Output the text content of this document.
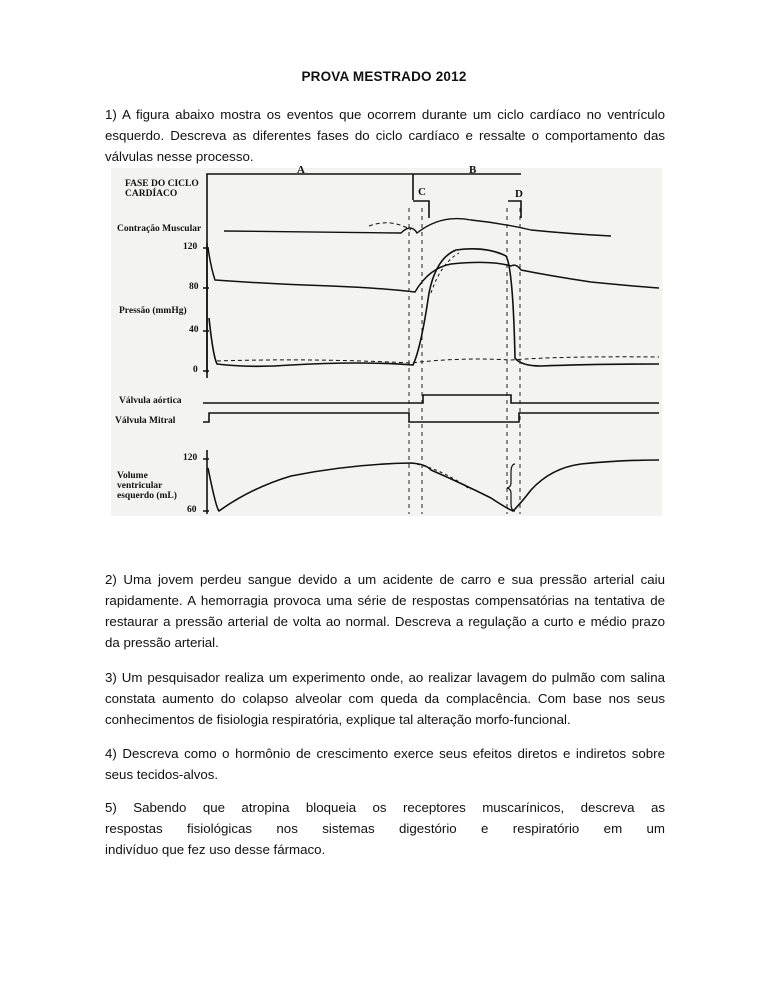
PROVA MESTRADO 2012

1) A figura abaixo mostra os eventos que ocorrem durante um ciclo cardíaco no ventrículo esquerdo. Descreva as diferentes fases do ciclo cardíaco e ressalte o comportamento das válvulas nesse processo.

A	B
C	D
FASE DO CICLO
CARDÍACO
Contração Muscular
Pressão (mmHg)
Válvula aórtica
Válvula Mitral
Volume
ventricular
esquerdo (mL)
120
80
40
0
120
60

2) Uma jovem perdeu sangue devido a um acidente de carro e sua pressão arterial caiu rapidamente. A hemorragia provoca uma série de respostas compensatórias na tentativa de restaurar a pressão arterial de volta ao normal. Descreva a regulação a curto e médio prazo da pressão arterial.

3) Um pesquisador realiza um experimento onde, ao realizar lavagem do pulmão com salina constata aumento do colapso alveolar com queda da complacência. Com base nos seus conhecimentos de fisiologia respiratória, explique tal alteração morfo-funcional.

4) Descreva como o hormônio de crescimento exerce seus efeitos diretos e indiretos sobre seus tecidos-alvos.

5) Sabendo que atropina bloqueia os receptores muscarínicos, descreva as
respostas fisiológicas nos sistemas digestório e respiratório em um
indivíduo que fez uso desse fármaco.
